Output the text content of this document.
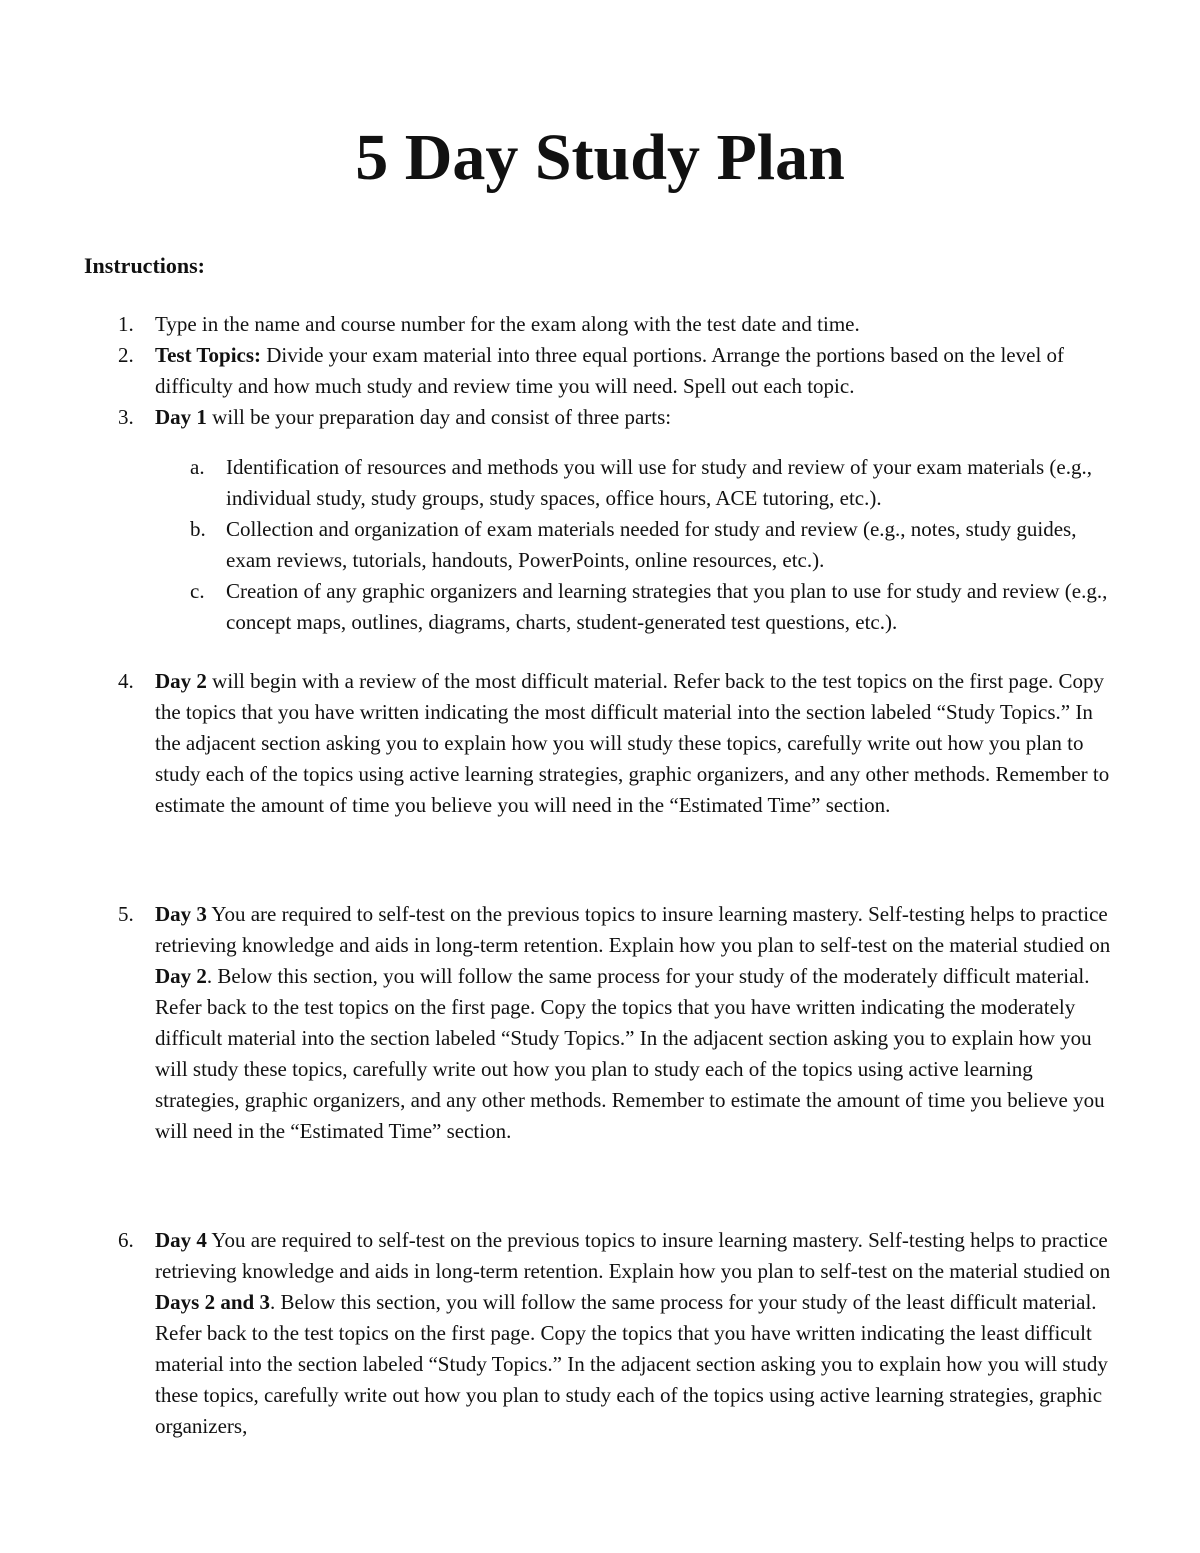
5 Day Study Plan
Instructions:
1. Type in the name and course number for the exam along with the test date and time.
2. Test Topics: Divide your exam material into three equal portions. Arrange the portions based on the level of difficulty and how much study and review time you will need. Spell out each topic.
3. Day 1 will be your preparation day and consist of three parts:
a.	Identification of resources and methods you will use for study and review of your exam materials (e.g., individual study, study groups, study spaces, office hours, ACE tutoring, etc.).
b. Collection and organization of exam materials needed for study and review (e.g., notes, study guides, exam reviews, tutorials, handouts, PowerPoints, online resources, etc.).
c.	Creation of any graphic organizers and learning strategies that you plan to use for study and review (e.g., concept maps, outlines, diagrams, charts, student-generated test questions, etc.).
4. Day 2 will begin with a review of the most difficult material. Refer back to the test topics on the first page. Copy the topics that you have written indicating the most difficult material into the section labeled “Study Topics.” In the adjacent section asking you to explain how you will study these topics, carefully write out how you plan to study each of the topics using active learning strategies, graphic organizers, and any other methods. Remember to estimate the amount of time you believe you will need in the “Estimated Time” section.
5. Day 3 You are required to self-test on the previous topics to insure learning mastery. Self-testing helps to practice retrieving knowledge and aids in long-term retention. Explain how you plan to self-test on the material studied on Day 2. Below this section, you will follow the same process for your study of the moderately difficult material. Refer back to the test topics on the first page. Copy the topics that you have written indicating the moderately difficult material into the section labeled “Study Topics.” In the adjacent section asking you to explain how you will study these topics, carefully write out how you plan to study each of the topics using active learning strategies, graphic organizers, and any other methods. Remember to estimate the amount of time you believe you will need in the “Estimated Time” section.
6. Day 4 You are required to self-test on the previous topics to insure learning mastery. Self-testing helps to practice retrieving knowledge and aids in long-term retention. Explain how you plan to self-test on the material studied on Days 2 and 3. Below this section, you will follow the same process for your study of the least difficult material. Refer back to the test topics on the first page. Copy the topics that you have written indicating the least difficult material into the section labeled “Study Topics.” In the adjacent section asking you to explain how you will study these topics, carefully write out how you plan to study each of the topics using active learning strategies, graphic organizers,
